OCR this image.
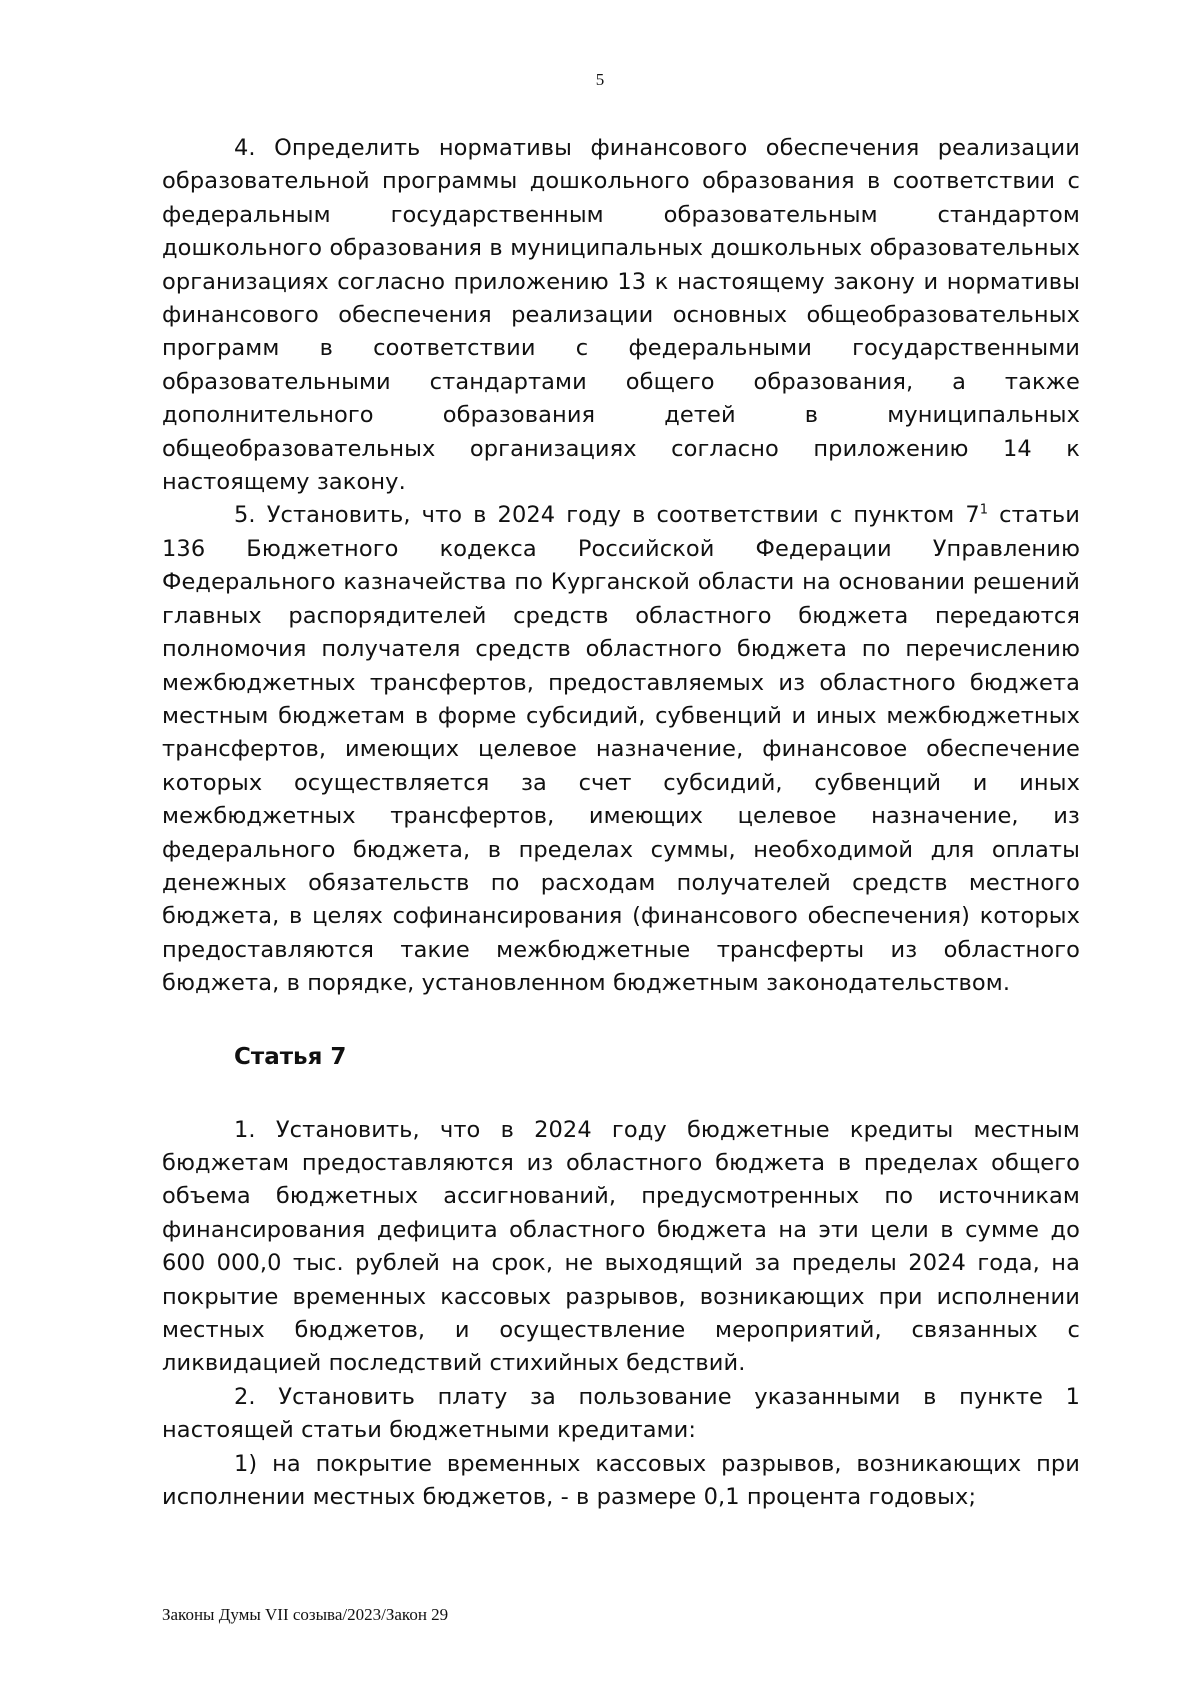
5

4. Определить нормативы финансового обеспечения реализации образовательной программы дошкольного образования в соответствии с федеральным государственным образовательным стандартом дошкольного образования в муниципальных дошкольных образовательных организациях согласно приложению 13 к настоящему закону и нормативы финансового обеспечения реализации основных общеобразовательных программ в соответствии с федеральными государственными образовательными стандартами общего образования, а также дополнительного образования детей в муниципальных общеобразовательных организациях согласно приложению 14 к настоящему закону.

5. Установить, что в 2024 году в соответствии с пунктом $7^1$ статьи 136 Бюджетного кодекса Российской Федерации Управлению Федерального казначейства по Курганской области на основании решений главных распорядителей средств областного бюджета передаются полномочия получателя средств областного бюджета по перечислению межбюджетных трансфертов, предоставляемых из областного бюджета местным бюджетам в форме субсидий, субвенций и иных межбюджетных трансфертов, имеющих целевое назначение, финансовое обеспечение которых осуществляется за счет субсидий, субвенций и иных межбюджетных трансфертов, имеющих целевое назначение, из федерального бюджета, в пределах суммы, необходимой для оплаты денежных обязательств по расходам получателей средств местного бюджета, в целях софинансирования (финансового обеспечения) которых предоставляются такие межбюджетные трансферты из областного бюджета, в порядке, установленном бюджетным законодательством.

Статья 7

1. Установить, что в 2024 году бюджетные кредиты местным бюджетам предоставляются из областного бюджета в пределах общего объема бюджетных ассигнований, предусмотренных по источникам финансирования дефицита областного бюджета на эти цели в сумме до 600 000,0 тыс. рублей на срок, не выходящий за пределы 2024 года, на покрытие временных кассовых разрывов, возникающих при исполнении местных бюджетов, и осуществление мероприятий, связанных с ликвидацией последствий стихийных бедствий.

2. Установить плату за пользование указанными в пункте 1 настоящей статьи бюджетными кредитами:

1) на покрытие временных кассовых разрывов, возникающих при исполнении местных бюджетов, - в размере 0,1 процента годовых;

Законы Думы VII созыва/2023/Закон 29
